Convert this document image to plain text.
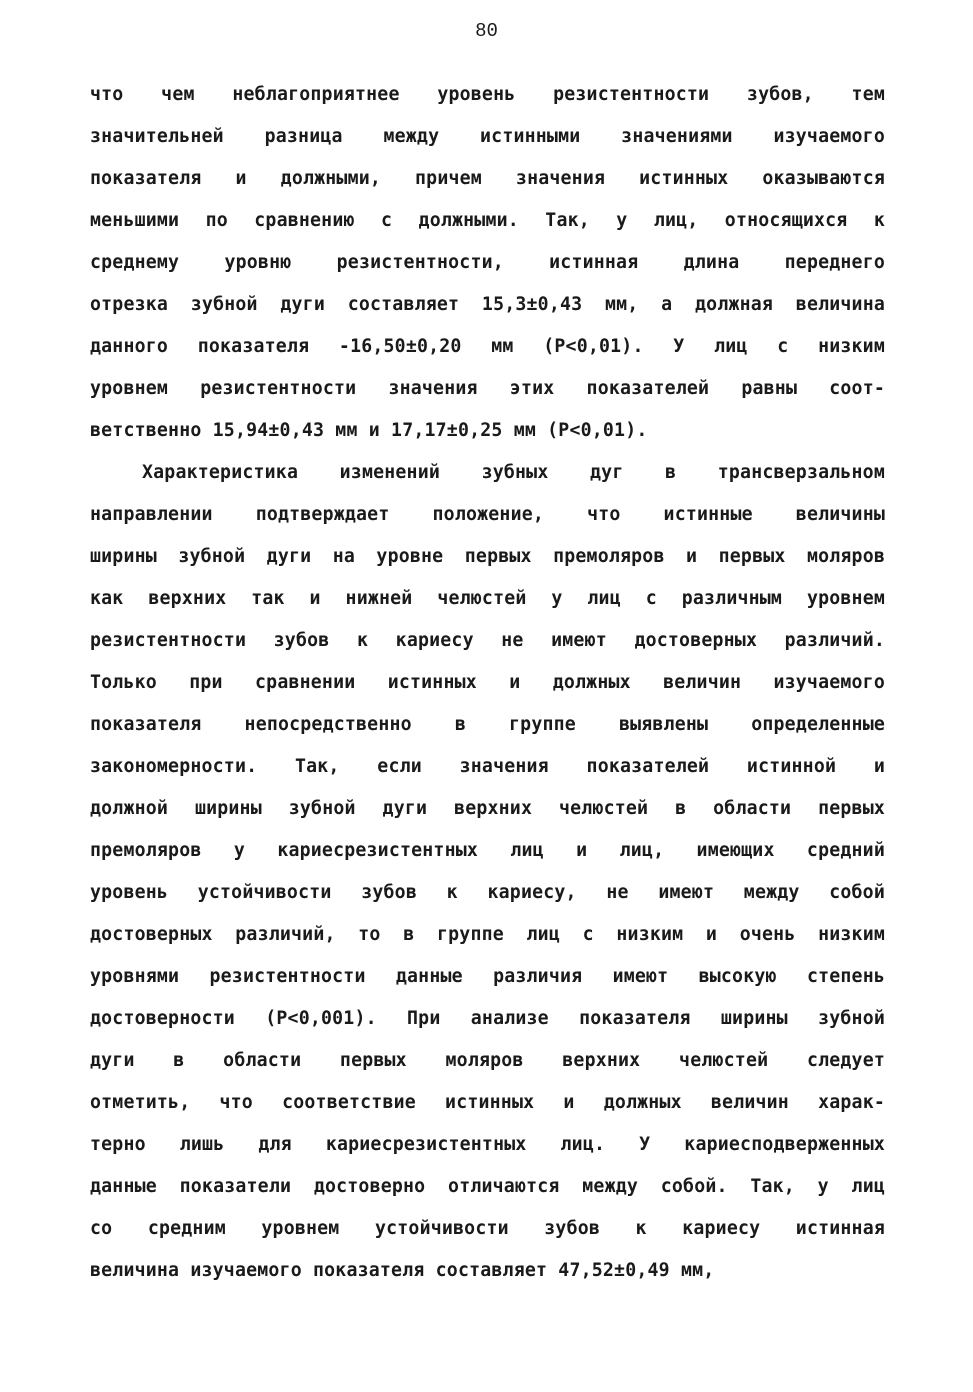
80
что чем неблагоприятнее уровень резистентности зубов, тем
значительней разница между истинными значениями изучаемого
показателя и должными, причем значения истинных оказываются
меньшими по сравнению с должными. Так, у лиц, относящихся к
среднему уровню резистентности, истинная длина переднего
отрезка зубной дуги составляет 15,3±0,43 мм, а должная величина
данного показателя -16,50±0,20 мм (Р<0,01). У лиц с низким
уровнем резистентности значения этих показателей равны соот-
ветственно 15,94±0,43 мм и 17,17±0,25 мм (Р<0,01).
Характеристика изменений зубных дуг в трансверзальном
направлении подтверждает положение, что истинные величины
ширины зубной дуги на уровне первых премоляров и первых моляров
как верхних так и нижней челюстей у лиц с различным уровнем
резистентности зубов к кариесу не имеют достоверных различий.
Только при сравнении истинных и должных величин изучаемого
показателя непосредственно в группе выявлены определенные
закономерности. Так, если значения показателей истинной и
должной ширины зубной дуги верхних челюстей в области первых
премоляров у кариесрезистентных лиц и лиц, имеющих средний
уровень устойчивости зубов к кариесу, не имеют между собой
достоверных различий, то в группе лиц с низким и очень низким
уровнями резистентности данные различия имеют высокую степень
достоверности (Р<0,001). При анализе показателя ширины зубной
дуги в области первых моляров верхних челюстей следует
отметить, что соответствие истинных и должных величин харак-
терно лишь для кариесрезистентных лиц. У кариесподверженных
данные показатели достоверно отличаются между собой. Так, у лиц
со средним уровнем устойчивости зубов к кариесу истинная
величина изучаемого показателя составляет 47,52±0,49 мм,
